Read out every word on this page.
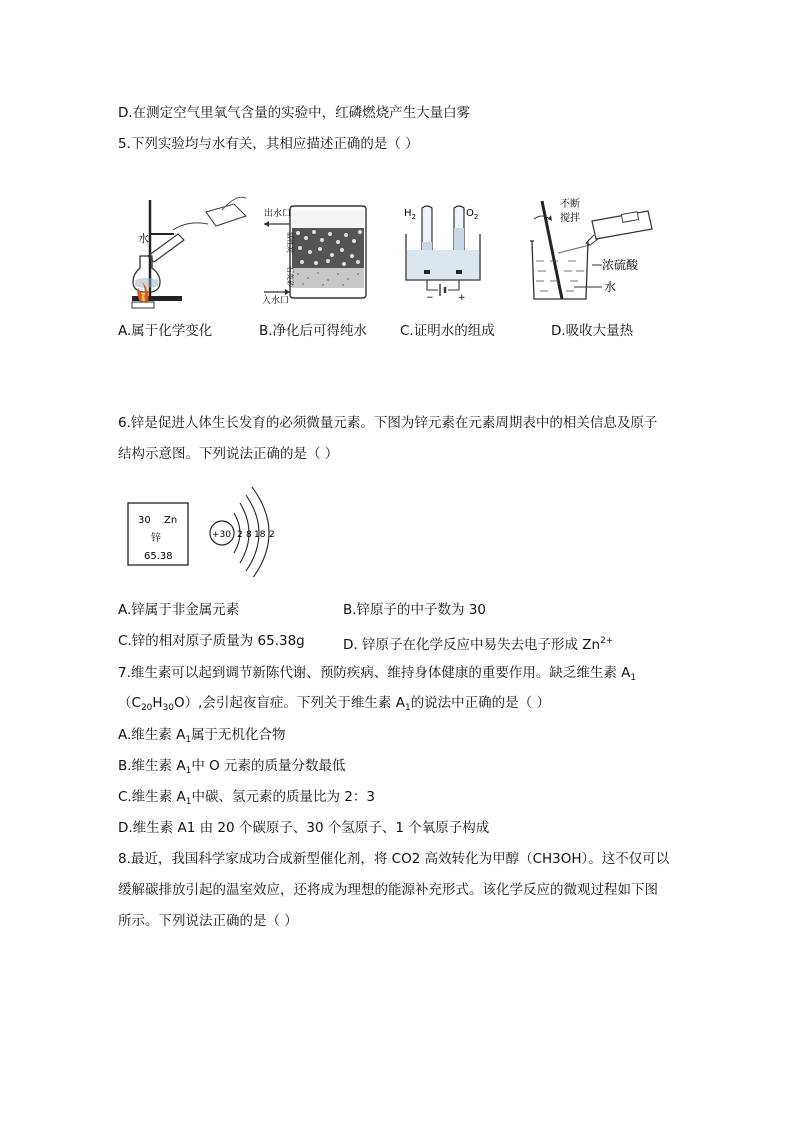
D.在测定空气里氧气含量的实验中，红磷燃烧产生大量白雾
5.下列实验均与水有关，其相应描述正确的是（ ）
水
出水口
入水口
活性炭
石英砂
$H_2$	$O_2$
−	+
不断
搅拌
浓硫酸
水
A.属于化学变化	B.净化后可得纯水 C.证明水的组成	D.吸收大量热
6.锌是促进人体生长发育的必须微量元素。下图为锌元素在元素周期表中的相关信息及原子
结构示意图。下列说法正确的是（ ）
30 Zn
锌
65.38
+30 2 8 18 2
A.锌属于非金属元素	B.锌原子的中子数为 30
C.锌的相对原子质量为 65.38g	D. 锌原子在化学反应中易失去电子形成 $Zn^{2+}$
7.维生素可以起到调节新陈代谢、预防疾病、维持身体健康的重要作用。缺乏维生素 $A_1$
$(C_{20}H_{30}O)$,会引起夜盲症。下列关于维生素 $A_1$的说法中正确的是（ ）
A.维生素 $A_1$属于无机化合物
B.维生素 $A_1$中 O 元素的质量分数最低
C.维生素 $A_1$中碳、氢元素的质量比为 2：3
D.维生素 A1 由 20 个碳原子、30 个氢原子、1 个氧原子构成
8.最近，我国科学家成功合成新型催化剂，将 CO2 高效转化为甲醇（CH3OH）。这不仅可以
缓解碳排放引起的温室效应，还将成为理想的能源补充形式。该化学反应的微观过程如下图
所示。下列说法正确的是（ ）
